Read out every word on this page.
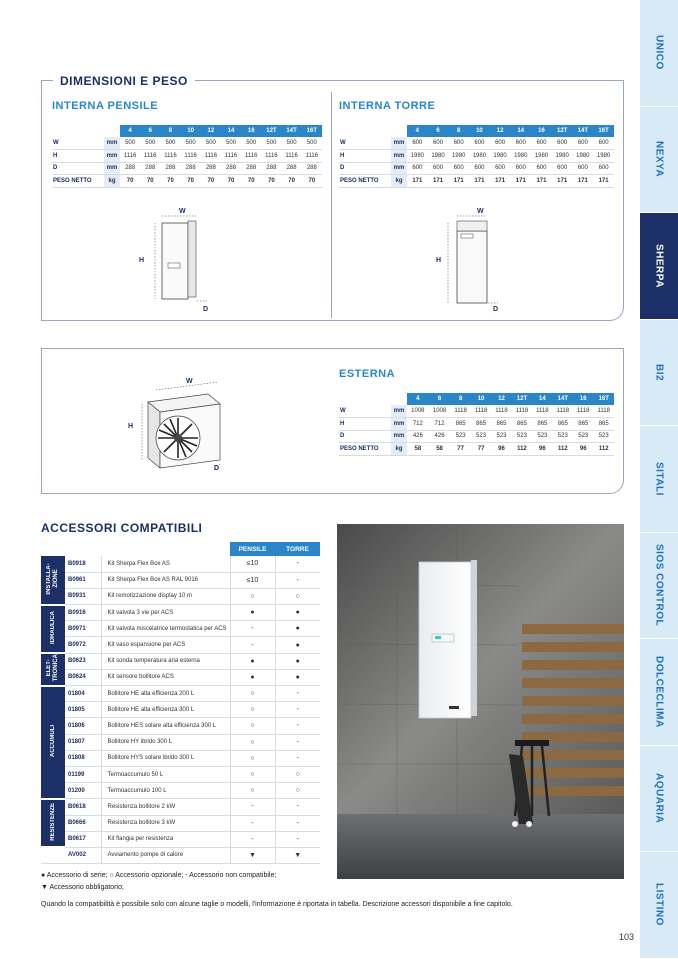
UNICO
NEXYA
SHERPA
BI2
SITALI
SIOS CONTROL
DOLCECLIMA
AQUARIA
LISTINO
DIMENSIONI E PESO
INTERNA PENSILE	INTERNA TORRE
		4	6	8	10	12	14	16	12T	14T	16T
W	mm	500	500	500	500	500	500	500	500	500	500
H	mm	1116	1116	1116	1116	1116	1116	1116	1116	1116	1116
D	mm	288	288	288	288	288	288	288	288	288	288
PESO NETTO	kg	70	70	70	70	70	70	70	70	70	70
		4	6	8	10	12	14	16	12T	14T	16T
W	mm	600	600	600	600	600	600	600	600	600	600
H	mm	1980	1980	1980	1980	1980	1980	1980	1980	1980	1980
D	mm	600	600	600	600	600	600	600	600	600	600
PESO NETTO	kg	171	171	171	171	171	171	171	171	171	171
W
H
D
W
H
D
ESTERNA
		4	6	8	10	12	12T	14	14T	16	16T
W	mm	1008	1008	1118	1118	1118	1118	1118	1118	1118	1118
H	mm	712	712	865	865	865	865	865	865	865	865
D	mm	426	426	523	523	523	523	523	523	523	523
PESO NETTO	kg	58	58	77	77	96	112	96	112	96	112
W
H
D
ACCESSORI COMPATIBILI
			PENSILE	TORRE
INSTALLA-ZIONE	B0918	Kit Sherpa Flex Box AS	≤10	-
	B0961	Kit Sherpa Flex Box AS RAL 9016	≤10	-
	B0931	Kit remotizzazione display 10 m	○	○
IDRAULICA	B0916	Kit valvola 3 vie per ACS	●	●
	B0971	Kit valvola miscelatrice termostatica per ACS	-	●
	B0972	Kit vaso espansione per ACS	-	●
ELET-TRONICA	B0623	Kit sonda temperatura aria esterna	●	●
	B0624	Kit sensore bollitore ACS	●	●
ACCUMULI	01804	Bollitore HE alta efficienza 200 L	○	-
	01805	Bollitore HE alta efficienza 300 L	○	-
	01806	Bollitore HES solare alta efficienza 300 L	○	-
	01807	Bollitore HY ibrido 300 L	○	-
	01808	Bollitore HYS solare ibrido 300 L	○	-
	01199	Termoaccumulo 50 L	○	○
	01200	Termoaccumulo 100 L	○	○
RESISTENZE	B0618	Resistenza bollitore 2 kW	-	-
	B0666	Resistenza bollitore 3 kW	-	-
	B0617	Kit flangia per resistenza	-	-
	AV002	Avviamento pompe di calore	▼	▼
● Accessorio di serie; ○ Accessorio opzionale; - Accessorio non compatibile;
▼ Accessorio obbligatorio;
Quando la compatibilità è possibile solo con alcune taglie o modelli, l'informazione è riportata in tabella. Descrizione accessori disponibile a fine capitolo.
103
